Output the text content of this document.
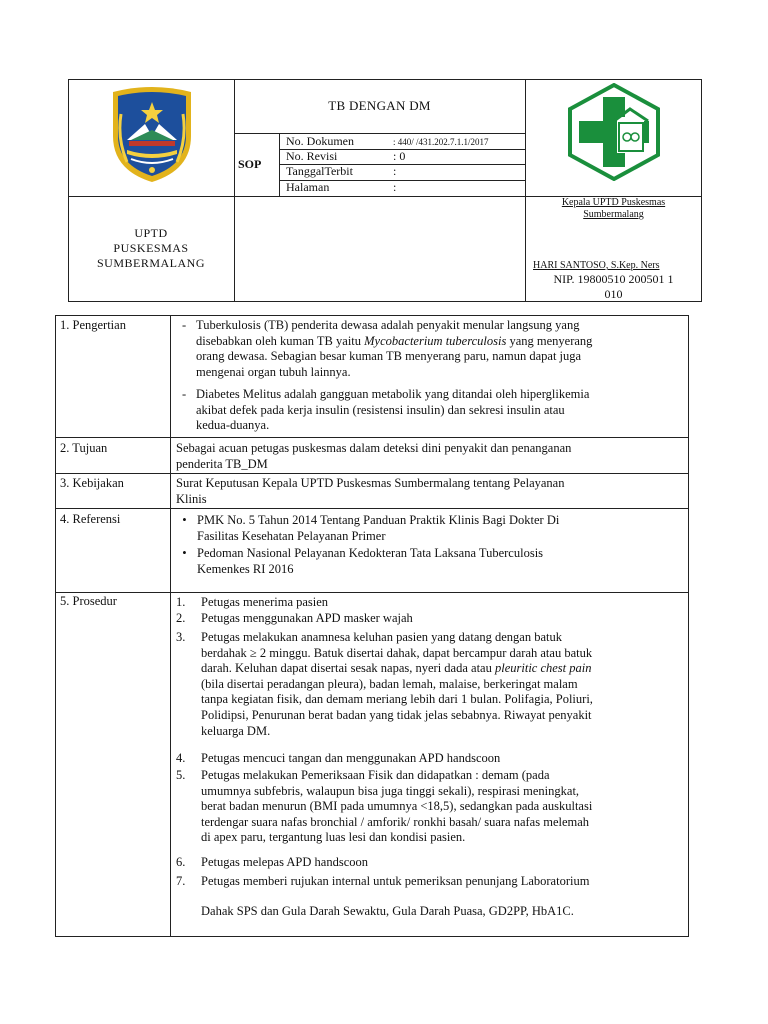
TB DENGAN DM
SOP
No. Dokumen	: 440/ /431.202.7.1.1/2017
No. Revisi	: 0
TanggalTerbit	:
Halaman	:
UPTD
PUSKESMAS
SUMBERMALANG
Kepala UPTD Puskesmas
Sumbermalang
HARI SANTOSO, S.Kep. Ners
NIP. 19800510 200501 1
010
1. Pengertian	- Tuberkulosis (TB) penderita dewasa adalah penyakit menular langsung yang
disebabkan oleh kuman TB yaitu Mycobacterium tuberculosis yang menyerang
orang dewasa. Sebagian besar kuman TB menyerang paru, namun dapat juga
mengenai organ tubuh lainnya.
- Diabetes Melitus adalah gangguan metabolik yang ditandai oleh hiperglikemia
akibat defek pada kerja insulin (resistensi insulin) dan sekresi insulin atau
kedua-duanya.
2. Tujuan	Sebagai acuan petugas puskesmas dalam deteksi dini penyakit dan penanganan
penderita TB_DM
3. Kebijakan	Surat Keputusan Kepala UPTD Puskesmas Sumbermalang tentang Pelayanan
Klinis
4. Referensi	• PMK No. 5 Tahun 2014 Tentang Panduan Praktik Klinis Bagi Dokter Di
Fasilitas Kesehatan Pelayanan Primer
• Pedoman Nasional Pelayanan Kedokteran Tata Laksana Tuberculosis
Kemenkes RI 2016
5. Prosedur	1.	Petugas menerima pasien
2.	Petugas menggunakan APD masker wajah
3.	Petugas melakukan anamnesa keluhan pasien yang datang dengan batuk
berdahak ≥ 2 minggu. Batuk disertai dahak, dapat bercampur darah atau batuk
darah. Keluhan dapat disertai sesak napas, nyeri dada atau pleuritic chest pain
(bila disertai peradangan pleura), badan lemah, malaise, berkeringat malam
tanpa kegiatan fisik, dan demam meriang lebih dari 1 bulan. Polifagia, Poliuri,
Polidipsi, Penurunan berat badan yang tidak jelas sebabnya. Riwayat penyakit
keluarga DM.
4.	Petugas mencuci tangan dan menggunakan APD handscoon
5.	Petugas melakukan Pemeriksaan Fisik dan didapatkan : demam (pada
umumnya subfebris, walaupun bisa juga tinggi sekali), respirasi meningkat,
berat badan menurun (BMI pada umumnya <18,5), sedangkan pada auskultasi
terdengar suara nafas bronchial / amforik/ ronkhi basah/ suara nafas melemah
di apex paru, tergantung luas lesi dan kondisi pasien.
6.	Petugas melepas APD handscoon
7.	Petugas memberi rujukan internal untuk pemeriksan penunjang Laboratorium
Dahak SPS dan Gula Darah Sewaktu, Gula Darah Puasa, GD2PP, HbA1C.
